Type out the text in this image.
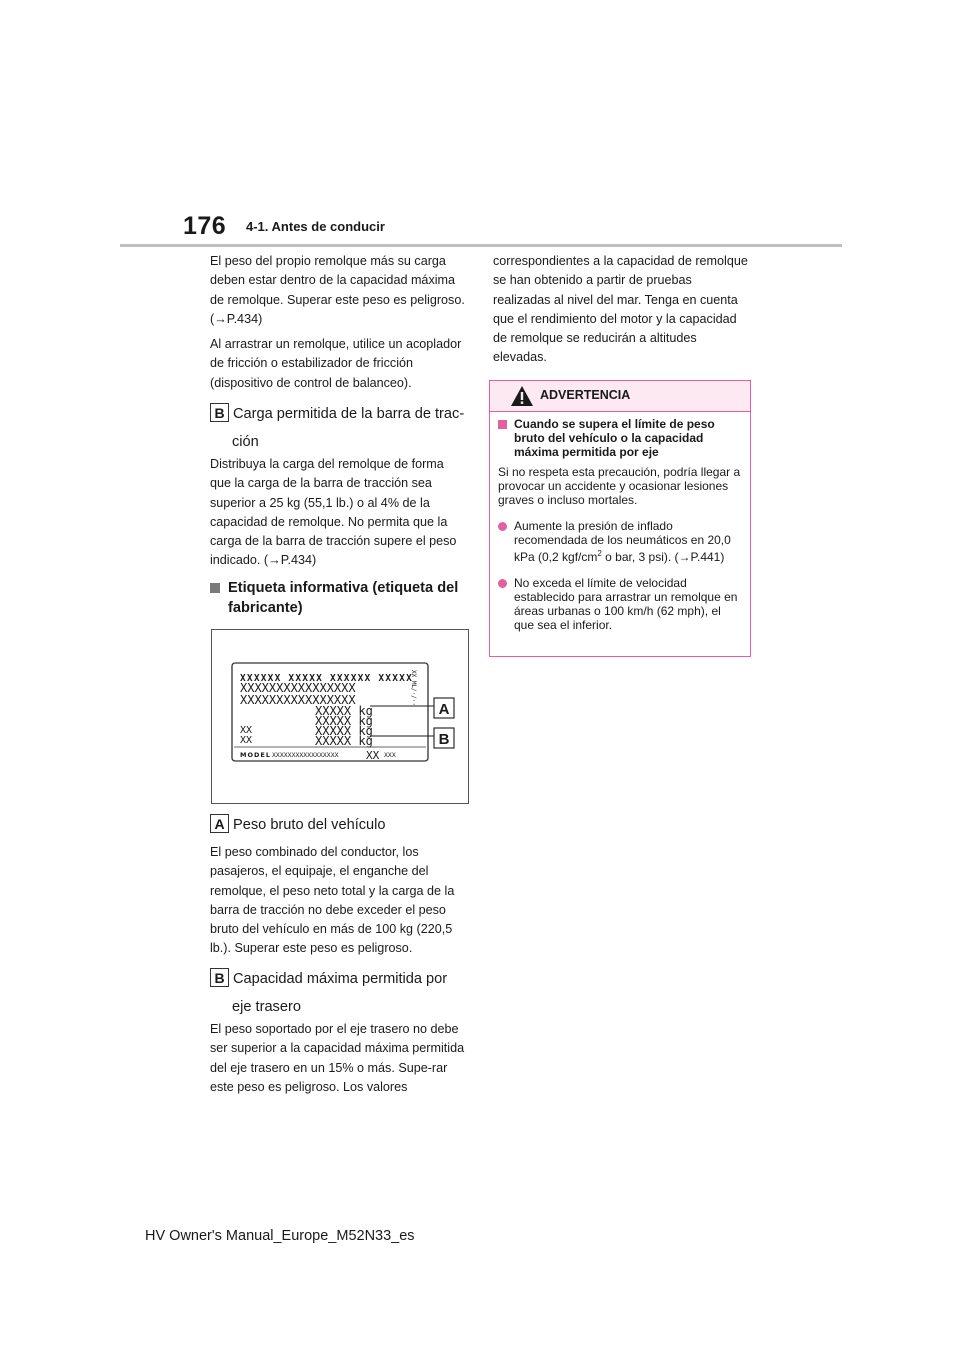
176 4-1. Antes de conducir

El peso del propio remolque más su carga deben estar dentro de la capacidad máxima de remolque. Superar este peso es peligroso. (→P.434)

Al arrastrar un remolque, utilice un acoplador de fricción o estabilizador de fricción (dispositivo de control de balanceo).

B Carga permitida de la barra de trac-
ción

Distribuya la carga del remolque de forma que la carga de la barra de tracción sea superior a 25 kg (55,1 lb.) o al 4% de la capacidad de remolque. No permita que la carga de la barra de tracción supere el peso indicado. (→P.434)

Etiqueta informativa (etiqueta del fabricante)
XXXXXX XXXXX XXXXXX XXXXX
XXXXXXXXXXXXXXXX
XXXXXXXXXXXXXXXX
XXXXX kg
XXXXX kg
XXXXX kg
XXXXX kg
XX
XX
MODEL XXXXXXXXXXXXXXXXX XX XXX
XX ML/·/··
A
B
A Peso bruto del vehículo

El peso combinado del conductor, los pasajeros, el equipaje, el enganche del remolque, el peso neto total y la carga de la barra de tracción no debe exceder el peso bruto del vehículo en más de 100 kg (220,5 lb.). Superar este peso es peligroso.

B Capacidad máxima permitida por
eje trasero

El peso soportado por el eje trasero no debe ser superior a la capacidad máxima permitida del eje trasero en un 15% o más. Supe-rar este peso es peligroso. Los valores

correspondientes a la capacidad de remolque se han obtenido a partir de pruebas realizadas al nivel del mar. Tenga en cuenta que el rendimiento del motor y la capacidad de remolque se reducirán a altitudes elevadas.

ADVERTENCIA
Cuando se supera el límite de peso bruto del vehículo o la capacidad máxima permitida por eje
Si no respeta esta precaución, podría llegar a provocar un accidente y ocasionar lesiones graves o incluso mortales.
Aumente la presión de inflado recomendada de los neumáticos en 20,0 kPa (0,2 kgf/$cm^2$ o bar, 3 psi). (→P.441)
No exceda el límite de velocidad establecido para arrastrar un remolque en áreas urbanas o 100 km/h (62 mph), el que sea el inferior.
HV Owner's Manual_Europe_M52N33_es
